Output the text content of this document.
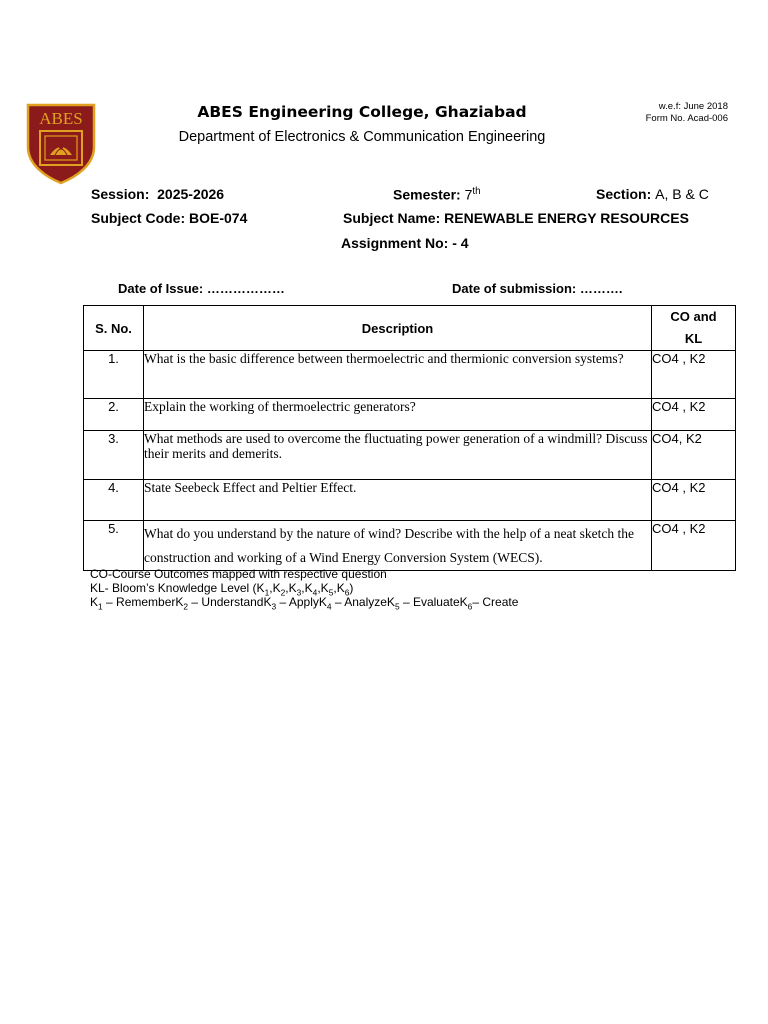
ABES	ABES Engineering College, Ghaziabad
Department of Electronics & Communication Engineering
w.e.f: June 2018
Form No. Acad-006
Session: 2025-2026	Semester: 7th	Section: A, B & C
Subject Code: BOE-074	Subject Name: RENEWABLE ENERGY RESOURCES
Assignment No: - 4
Date of Issue: ………………	Date of submission: ……….
S. No.	Description	CO and
KL

1.	What is the basic difference between thermoelectric and thermionic conversion systems?	CO4 , K2
2.	Explain the working of thermoelectric generators?	CO4 , K2
3.	What methods are used to overcome the fluctuating power generation of a windmill? Discuss their merits and demerits.	CO4, K2
4.	State Seebeck Effect and Peltier Effect.	CO4 , K2
5.	What do you understand by the nature of wind? Describe with the help of a neat sketch the construction and working of a Wind Energy Conversion System (WECS).	CO4 , K2
CO-Course Outcomes mapped with respective question
KL- Bloom’s Knowledge Level $(K_1,K_2,K_3,K_4,K_5,K_6)$
$K_1$ – RememberK$_2$ – UnderstandK$_3$ – ApplyK$_4$ – AnalyzeK$_5$ – EvaluateK$_6$– Create
